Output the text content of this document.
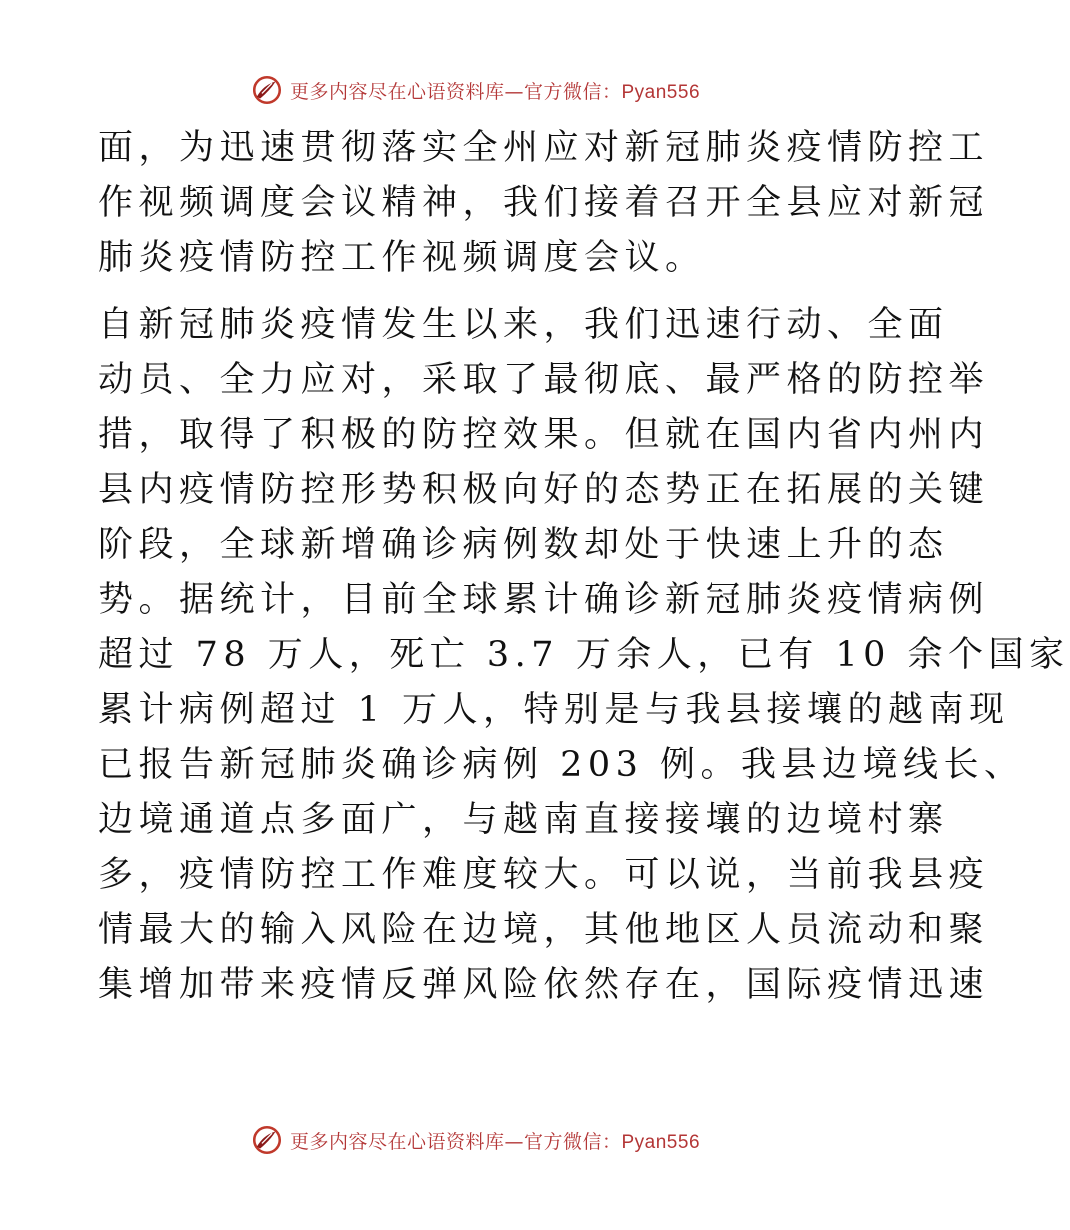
更多内容尽在心语资料库—官方微信：Pyan556
面，为迅速贯彻落实全州应对新冠肺炎疫情防控工
作视频调度会议精神，我们接着召开全县应对新冠
肺炎疫情防控工作视频调度会议。
自新冠肺炎疫情发生以来，我们迅速行动、全面
动员、全力应对，采取了最彻底、最严格的防控举
措，取得了积极的防控效果。但就在国内省内州内
县内疫情防控形势积极向好的态势正在拓展的关键
阶段，全球新增确诊病例数却处于快速上升的态
势。据统计，目前全球累计确诊新冠肺炎疫情病例
超过 78 万人，死亡 3.7 万余人，已有 10 余个国家
累计病例超过 1 万人，特别是与我县接壤的越南现
已报告新冠肺炎确诊病例 203 例。我县边境线长、
边境通道点多面广，与越南直接接壤的边境村寨
多，疫情防控工作难度较大。可以说，当前我县疫
情最大的输入风险在边境，其他地区人员流动和聚
集增加带来疫情反弹风险依然存在，国际疫情迅速
更多内容尽在心语资料库—官方微信：Pyan556
